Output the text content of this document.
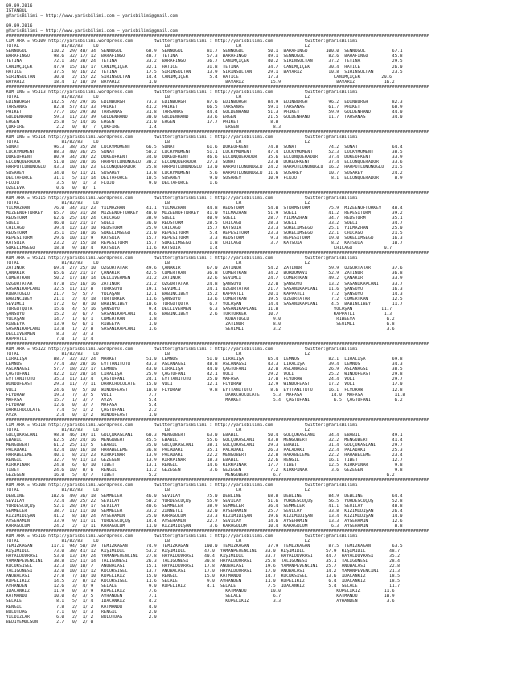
09.09.2016
ISTANBUL
@YarisBilimi — http://www.yarisbilimi.com — yarisbilimi@gmail.com
09.09.2016
@YarisBilimi — http://www.yarisbilimi.com — yarisbilimi@gmail.com
################################################################################################################################################################
CIM ARA = 95109 http://yarisbilimi.wordpress.com        twitter:@YarisBilimi : http://yarisbilimi.com            twitter:@YarisBilimi
TOTAL                81/82/83    LO                         LB                         LR                        LZ
SENNOĞUL         110.2  29/ 40/ 34  SENNOĞUL         68.9  SENNOĞUL         81.7  SENNOĞUL         50.1  BARAFINGO       100.0  SENNOĞUL          67.1
BARAFINGO         98.6  32/ 17/ 12  BARAFINGO        48.7  TETINA           57.3  BARAFINGO        49.1  SENNOĞUL         82.6  BARAFINGO         45.8
TETINA            72.1  34/ 38/ 24  TETINA           33.2  BARAFINGO        36.7  CANIMÇIÇEK       40.2  SİRİNSULTAN      37.2  TETINA            29.5
CANIMÇIÇEK        47.9  15/ 16/ 17  CANIMÇIÇEK       32.1  HATİCE           31.8  TETINA           34.7  CANIMÇIÇEK       30.4  HATİCE            26.0
HATİCE            37.5   8/ 16/ 22  TETINA           17.5  SİRİNSULTAN      13.9  SİRİNSULTAN      29.1  BAYARİZ          10.8  SİRİNSULTAN       23.5
SİRİNSULTAN       30.0   2/ 15/ 22  SİRİNSULTAN      14.4  CANIMÇIÇEK        5.4  HATİCE           17.3                     CANIMÇIÇEK        20.6
BAYARİZ           18.4   1/ 10/ 19  BAYARİZ           1.0                          BAYARİZ          15.9                     BAYARİZ           16.2
################################################################################################################################################################
KUM ING = 95113 http://yarisbilimi.wordpress.com        twitter:@YarisBilimi : http://yarisbilimi.com            twitter:@YarisBilimi
TOTAL                81/82/83    LO                         LB                         LR                        LZ
EDINBURGH        142.5  74/ 29/ 16  EDINBURGH        73.3  EDINBURGH        87.6  EDINBURGH        84.9  EDINBURGH        96.2  EDINBURGH         82.3
TARSANAS          82.8  57/ 41/ 33  PHİKET           41.2  PHİKET           66.5  TARSANAS         59.1  TARSANAS         61.7  PHİKET            68.9
PHİKET            77.7  16/ 29/ 30  TARSANAS         31.8  TARSANAS         44.4  GOLDENHAND       51.3  PHİKET           59.9  GOLDENHAND        44.0
GOLDENHAND        59.3  11/ 23/ 39  GOLDENHAND       30.0  GOLDENHAND       33.6  ERGEN            21.5  GOLDENHAND       11.7  TARSANAS          34.0
ERGEN             25.8   5/ 14/ 16  ERGEN            21.0  ERGEN            17.7  PHİKET            8.8
ÇOKFIRE            2.2   0/  0/  7  ÇOKFIRE           1.4                          ERGEN             8.3
################################################################################################################################################################
KUM ING = 95114 http://yarisbilimi.wordpress.com        twitter:@YarisBilimi : http://yarisbilimi.com            twitter:@YarisBilimi
TOTAL                81/82/83    LO                         LB                         LR                        LZ
SUNAT             96.3  38/ 35/ 28  LUCKYMOMENT      66.5  SUNAT            61.6  DUKEOFKENT       74.8  SUNAT            74.2  SUNAT             64.4
LUCKYMOMENT       88.3  40/ 36/ 25  SUNAT            50.2  LUCKYMOMENT      51.1  LUCKYMOMENT      47.4  LUCKYMOMENT      52.3  LUCKYMOMENT       38.5
DUKEOFKENT        80.9  34/ 28/ 22  DUKEOFKENT       34.0  DUKEOFKENT       46.6  ELCONQUERADOR    35.6  ELCONQUERADOR    37.4  DUKEOFKENT        33.9
ELCONQUERADOR     51.0  18/ 20/ 16  HARPUTLUNUNOĞLU  30.2  ELCONQUERADOR    27.3  SUNAT            23.0  DUKEOFKENT       37.4  ELCONQUERADOR     33.6
HARPUTLUNUNOĞLU   43.3  10/ 16/ 23  ELCONQUERADOR    25.8  HARPUTLUNUNOĞLU  13.0  HARPUTLUNUNOĞLU  24.2  HARPUTLUNUNOĞLU  16.2  HARPUTLUNUNOĞLU   21.5
SUSAREY           34.0   6/ 11/ 21  SUSAREY          13.8  LUCKYMOMENT       5.6  HARPUTLUNUNOĞLU  11.6  SUSAREY          10.7  SUSAREY           24.2
DELTAFORCE        31.1   5/ 11/ 14  DELTAFORCE       10.5  SUSAREY           9.0  SUSAREY          10.9  FLOJO             8.1  ELCONQUERADOR      8.9
FLOJO              3.5   0/  1/  3  FLOJO             9.0  DELTAFORCE        1.6
ÖZELEVA            0.6   0/  0/  1
################################################################################################################################################################
KUM ARA = 95115 http://yarisbilimi.wordpress.com        twitter:@YarisBilimi : http://yarisbilimi.com            twitter:@YarisBilimi
TOTAL                81/82/83    LO                         LB                         LR                        LZ
YILMAZHAN         76.0  34/ 31/ 23  YILMAZHAN        41.1  YILMAZHAN        44.8  REDSTORM         54.0  STORMSTORM       75.9  MIZEENOFTURKEY    48.4
MIZEENOFTURKEY    65.7  16/ 31/ 28  MIZEENOFTURKEY   40.0  MIZEENOFTURKEY   41.0  YILMAZHAN        51.9  SOELI            41.2  REPESITORM        39.2
REDSTORM          62.6  25/ 14/ 24  CHICAGO          38.9  SOELI            40.9  SOELI            28.7  YILMAZHAN        34.7  REDSTORM          35.1
SOELI             46.0  12/ 21/ 17  SOELI            36.0  REDSTORM         28.5  CHICAGO          28.3  SOELI            33.2  SOELI             34.7
CHICAGO           39.4  12/ 13/ 10  REDSTORM         25.9  CHICAGO          15.7  KATSUIA          23.3  SOKELIMSEGO      25.1  YILMAZHAN         25.0
REDSTORM          35.1  15/ 10/ 16  SOKELIMSEGO      21.0  REPESITORM        5.4  REPESITORM       23.3  SOKELIMSEGO      22.1  CHICAGO           21.5
REPESITORM        29.6  10/ 11/ 9   KATSUIA          15.7  REPESITORM        3.3  REDSTORM          9.3  REPESITORM       19.0  SOKELIMSEGO       16.3
KATSUIA           23.2   2/ 15/ 18  REPESITORM       15.7  SOKELIMSEGO       1.8  CHICAGO           3.7  KATSUIA           8.2  KATSUIA           10.7
SOKELIMSEGO       18.8   9/ 10/ 4   KATSUIA          11.6  KATSUIA           1.4                                            CHICAGO            0.7
################################################################################################################################################################
KUM ARA = 95121 http://yarisbilimi.wordpress.com        twitter:@YarisBilimi : http://yarisbilimi.com            twitter:@YarisBilimi
TOTAL                81/82/83    LO                         LB                         LR                        LZ
ZATINUR           69.4  27/ 25/ 10  ÖZGURTATAR       49.6  ÇANAKIR          67.0  ZATINUR          54.2  ZATINUR          59.9  ÖZGURTATAR        37.6
ÇANAKIR           65.6  22/ 21/ 17  ÇANAKIR          42.5  COMERTKAN        36.8  COMERTKAN        34.2  BORDOMAVI        52.9  ZATINUR           36.8
COMERTKAN         50.2  17/ 18/ 14  DELLIVERMEN      31.2  ZATINUR          32.6  SEVİMLİ          24.7  COMERTKAN        49.2  ÇANAKIR           33.9
ÖZGURTATAR        47.8  15/ 16/ 16  ZATINUR          21.2  ÖZGURTATAR       24.8  ŞANSUYU          22.0  ŞANSUYU          13.2  SASANIKAPLANI     33.7
SASANIKAPLANI     32.5  11/ 11/ 8   TURKSUYU         19.1  SEVİMLİ          24.1  ÖZGURTATAR       21.7  SASANIKAPLANI    11.6  ŞANSUYU           16.3
KUBATOĞLU         21.7   5/  5/ 7   YOLAŞAN          12.1  BABINCIBEY       15.2  KAPPATLI         20.1  KAPPATLI          7.2  ŞANSUYU           14.3
BABINCIBEY        21.1   2/  4/ 18  TURTURKEK        11.6  ŞANSUYU          13.6  COMERTKAN        19.5  ÖZGURTATAR        7.2  COMERTKAN         12.5
SEVİMLİ           17.2   6/  8/ 10  BABINCIBEY       10.6  TURGUTQUTA        6.7  YOLAŞAN          14.4  SASANIKAPLANI     4.5  BABINCIBEY        11.7
TURGUTQUTA        15.6   4/  5/ 16  ŞANSUYU           9.4  DELLIVERMEN       6.3  SASANIKAPLANI    11.8                     YOLAŞAN           11.7
ŞANSUYU           15.2   3/  6/ 7   SASANIKAPLANI     4.6  BABINCIBEY        2.6  TURTURKEK        10.7                     KAPPATLI           1.3
YOLAŞAN           14.7   1/  6/ 1   COMERTKAN         1.8                          KUBATOĞLU         9.0                     RİBEEYA            6.2
RİBEEYA           13.9   6/  6/ 1   RİBEEYA           1.0                          ZATINUR           8.0                     SEVİMLİ            6.8
SASANIKAPLANI     13.8   1/  2/ 8   SASANIKAPLANI     1.6                          SEVİMLİ           3.2                                        3.6
DELLIVERMEN        8.3   3/  3/ 3
KAPPATLI           7.0   1/  1/ 4
################################################################################################################################################################
KUM ARA = 95122 http://yarisbilimi.wordpress.com        twitter:@YarisBilimi : http://yarisbilimi.com            twitter:@YarisBilimi
TOTAL                81/82/83    LO                         LB                         LR                        LZ
LİRALİŞA          88.7  32/ 32/ 24  MARKET           51.0  LEMNOS           51.0  LİRALİŞA         65.4  LEMNOS           82.1  LİRALİŞA          69.8
LEMNOS            77.4  30/ 28/ 16  EYTTANİTUTU      43.3  ASLANAĞSI        48.8  ASLANAĞSI        43.3  LİRALİŞA         39.4  LEMNOS            34.3
ASLANAĞSI         57.7  18/ 22/ 17  LEMNOS           43.0  LİRALİŞA         44.0  ÇAĞTUFANI        32.0  ASLANAĞSI        26.9  ASLANAĞSI         38.5
ÇAĞTUFANI         42.2  12/ 20/ 14  LİRALİŞA         25.9  ÇAĞTUFANI        42.1  VOLİ             29.2  VOLİ             25.2  WINDOFEAST        29.8
EYTTANİTUTU       35.3  11/ 13/ 4   ÇAĞTUFANI        24.1  EYTTANİTUTU      25.0  MAFASA           17.0  FLYDRAW          24.4  VOLİ              29.7
WINDOFEAST        29.3  11/  7/ 11  DARKCHOCOLATE    15.0  VOLİ             12.1  FLYDRAW          12.9  WINDOFEAST       17.2  VOLİ              17.0
VOLİ              24.6   0/  5/ 10  WINDOFEAST       10.0  FLYDRAW           9.8  EYTTANİTUTU       8.6  EYTTANİTUTU      16.1  FLYDRAW           12.8
FLYDRAW           19.3   7/  3/ 5   VOLİ              7.7                          DARKCHOCOLATE     5.3  MAFASA           14.0  MAFASA            11.8
MAFASA            15.7   1/  3/ 7   AYZA              5.4                          MARKET            5.4  ÇAĞTUFANI         6.5  ÇAĞTUFANI         6.2
FLYDRAW           12.6   0/  3/ 7   MAFASA            5.4
DARKCHOCOLATE      7.4   5/  1/ 2   ÇAĞTUFANI         2.2
AYZA               2.4   0/  1/ 2   WINDOFEAST        1.0
################################################################################################################################################################
CIM ARA = 95118 http://yarisbilimi.wordpress.com        twitter:@YarisBilimi : http://yarisbilimi.com            twitter:@YarisBilimi
TOTAL                81/82/83    LO                         LB                         LR                        LZ
GOLÇUKASLANI      98.8  46/ 19/ 11  GOLÇUKASLANI     60.3  MENGUBERT        63.0  EBABIL           50.4  GOLÇUKASLANI     34.4  EBABIL            49.1
EBABIL            62.5  24/ 24/ 16  MENGUBERT        45.5  EBABIL           55.6  GOLÇUKASLANI     43.8  MENGUBERT        32.2  MENGUBERT         41.4
MENGUBERT         61.2  25/ 11/ 5   EBABIL           35.0  GOLÇUKASLANI     38.1  GOLÇUKASLANI     29.3  EBABIL           31.4  GOLÇUKASLANI      29.7
PALADAKI          42.4  10/ 16/ 18  HARABELEME       36.8  PALADAKI         35.1  PALADAKI         26.3  PALADAKI         22.4  PALADAKI          25.3
HARABELEME        40.1   8/ 21/ 23  KIRKPINAR        13.9  PALADAKI         22.2  MENGUBERT        22.8  HARABELEME       22.2  HARABELEME        23.4
RENGİL            32.7   9/ 11/ 13  GEZEGEN          13.9  KIRKPINAR        18.3  EBABIL           22.6  RENGİL           16.1  TİBET             12.7
KIRKPINAR         24.8   6/  6/ 10  TİBET            13.1  RENGİL           14.6  KIRKPINAR        17.7  TİBET            12.5  KIRKPINAR          9.8
TİBET             24.6  10/  8/ 6   RENGİL           11.2  GEZEGEN           3.6  GEZEGEN           7.2  KIRKPINAR         3.6  GEZEGEN            9.8
GEZEGEN           16.0   5/  4/ 7   TİBET             5.2                          MENGUBERT         6.7                                        6.2
################################################################################################################################################################
KUM ARA = 95108 http://yarisbilimi.wordpress.com        twitter:@YarisBilimi : http://yarisbilimi.com            twitter:@YarisBilimi
TOTAL                81/82/83    LO                         LB                         LR                        LZ
DEBLINE          102.6  49/ 36/ 18  SEMMELER         46.0  SEVILAY          75.0  DEBLINE          68.8  DEBLINE          84.9  DEBLINE           64.4
SEVILAY           72.4  30/ 25/ 22  SEVILAY          50.2  YURDESCUÇUŞ      55.9  SEVILAY          51.6  YURDESCUÇUŞ      56.5  YURDESCUÇUŞ       52.8
YURDESCUÇUŞ       52.1  28/ 19/ 17  SEVILAY          40.6  SEMMELER         38.9  SEMMELER         36.4  SEMMELER         41.1  SEVILAY           48.8
SEMMELER          38.7  11/ 11/ 10  SEMMELER         33.2  ZİNNETLİ         32.0  AYSEHAMIN        25.7  SEVILAY          33.8  KIZIMİDİŞAN       26.4
KIZIMİDİŞAN       41.2   8/ 10/ 24  AYSEHAMIN        25.0  KARAGULUM        23.3  KIZIMİDİŞAN      19.6  KIZIMİDİŞAN      13.4  KIZIMİDİŞAN       14.0
AYSEHAMIN         33.9   9/ 11/ 11  YURDESCUÇUŞ      14.4  AYSEHAMIN        22.7  SEVILAY          14.6  AYSEHAMIN        13.3  AYSEHAMIN         12.6
KARAGULUM         24.2   2/  1/ 11  KARAGULUM        11.0  KIZIMİDİŞAN       3.6  KARAGULUM        10.4  KARAGULUM         6.3  AYSEHAMIN          8.8
################################################################################################################################################################
KUM ARA = 95116 http://yarisbilimi.wordpress.com        twitter:@YarisBilimi : http://yarisbilimi.com            twitter:@YarisBilimi
TOTAL                81/82/83    LO                         LB                         LR                        LZ
TEMIZKAGAN       117.1  94/ 50/ 19  TEMIZKAGAN       74.9  TEMIZKAGAN      100.0  TEMIZKAGAN       37.9  TEMIZKAGAN       87.5  TEMIZKAGAN        63.5
KIŞIMİDİL         73.0  38/ 41/ 12  KIŞIMİDİL        53.2  KIŞIMİDİL       47.0  YAMANPEVENCİNİ   33.0  KIŞIMİDİL        57.9  KIŞIMİDİL         48.7
HAYALDUVRASI      53.0  13/ 19/ 24  YAMANPEVENCİNİ   27.8  HAYALDUVRASI    40.4  KIŞIMİDİL        33.7  HAYALDUVRASI     44.7  HAYALDUVRASI      35.2
YAMANPEVENCİNİ    38.8  15/ 11/ 14  TALIGUNESİ       26.3  TALIGUNESİ      30.8  HAYALDUVRASI     25.8  TALIGUNESİ       35.1  TALIGUNESİ        28.4
KUCUKSISEL        32.3  10/ 10/ 7   ANUBALASI        15.1  HAYALDUVRASI    17.8  ANUBALASI        19.6  YAMANPEVENCİNİ   25.7  ANUBALASI         22.8
TALIGUNESİ        32.0  10/ 11/ 12  KUCUKSISEL       13.7  ANUBALASI       17.0  HAYALDUVRASI     17.0  ANUBALASI        14.2  YAMANPEVENCİNİ    21.3
ANUBALASI         27.8   7/ 10/ 10  KUPELİKIZ        15.0  RENGİL          15.0  KATMANDU         14.7  KUCUKSISEL       13.6  İDACANKIZ         18.5
KUPELİKIZ         14.5   2/  8/ 12  KUCUKSISEL       11.6  SELALE           9.0  AYHANDEN         11.0  KUPELİKIZ         6.4  İDACANKIZ         18.5
AYHANDEN          12.6   3/  4/ 9   SELALE            9.0  KUPELİKIZ        4.1  SELALE            7.5  İDACANKIZ         5.4  SELALE            11.7
İDACANKIZ         11.9   0/  3/ 9   KUPELİKIZ         7.6                          KATMANDU         10.0                     KUPELİKIZ         11.6
KATMANDU          10.0   4/  3/ 5   AYHANDEN          7.1                          SELALE            6.7                     KATMANDU          10.9
SELALE             8.1   5/  1/ 4   İDACANKIZ         4.2                          KUPELİKIZ         3.3                     AYHANDEN           3.6
RENGİL             7.8   2/  1/ 2   KATMANDU          4.0
BULUTDAĞ           7.1   0/  1/ 3   RENGİL            2.0
YILDIZLAR          6.0   2/  1/ 2   BULUTDAĞ          2.0
BEDIYEMOLSUN       2.7   0/  2/ 0
